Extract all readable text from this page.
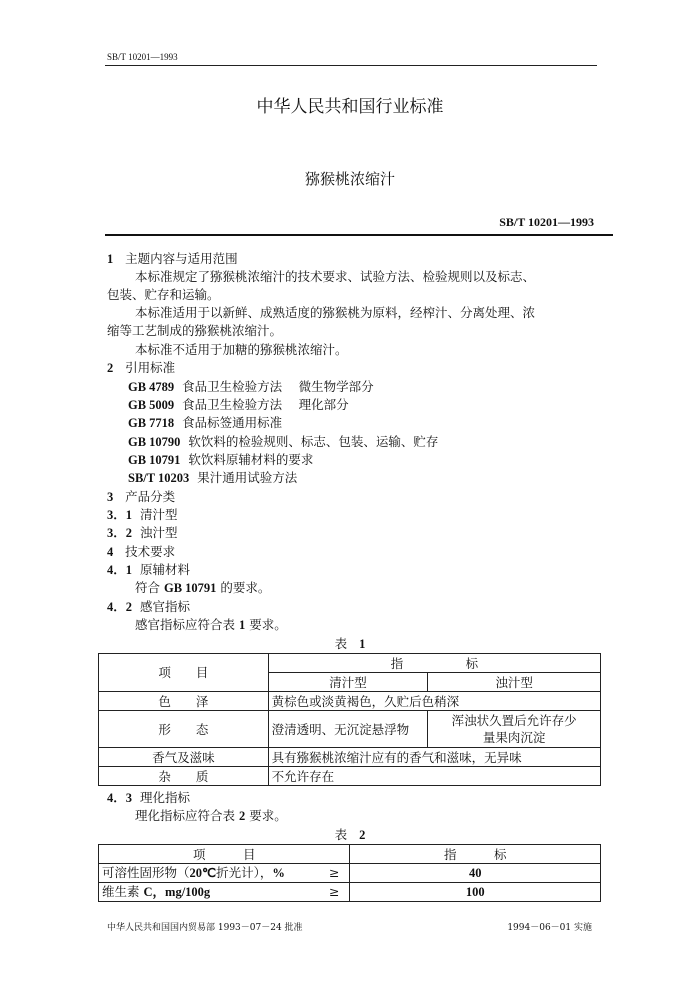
SB/T 10201—1993
中华人民共和国行业标准
猕猴桃浓缩汁
SB/T 10201—1993
1 主题内容与适用范围
本标准规定了猕猴桃浓缩汁的技术要求、试验方法、检验规则以及标志、
包装、贮存和运输。
本标准适用于以新鲜、成熟适度的猕猴桃为原料，经榨汁、分离处理、浓
缩等工艺制成的猕猴桃浓缩汁。
本标准不适用于加糖的猕猴桃浓缩汁。
2 引用标准
GB 4789 食品卫生检验方法　 微生物学部分
GB 5009 食品卫生检验方法　 理化部分
GB 7718 食品标签通用标准
GB 10790 软饮料的检验规则、标志、包装、运输、贮存
GB 10791 软饮料原辅材料的要求
SB/T 10203 果汁通用试验方法
3 产品分类
3．1 清汁型
3．2 浊汁型
4 技术要求
4．1 原辅材料
符合 GB 10791 的要求。
4．2 感官指标
感官指标应符合表 1 要求。
表 1
项　　目	指　　　　　标	
	清汁型	浊汁型
色　　泽	黄棕色或淡黄褐色，久贮后色稍深	
形　　态	澄清透明、无沉淀悬浮物	浑浊状久置后允许存少
量果肉沉淀

香气及滋味	具有猕猴桃浓缩汁应有的香气和滋味，无异味	
杂　　质	不允许存在	
4．3 理化指标
理化指标应符合表 2 要求。
表 2
项　　　目	指　　　标
可溶性固形物（20℃折光计），% ≥	40
维生素 C，mg/100g ≥	100
中华人民共和国国内贸易部 1993－07－24 批准	1994－06－01 实施
